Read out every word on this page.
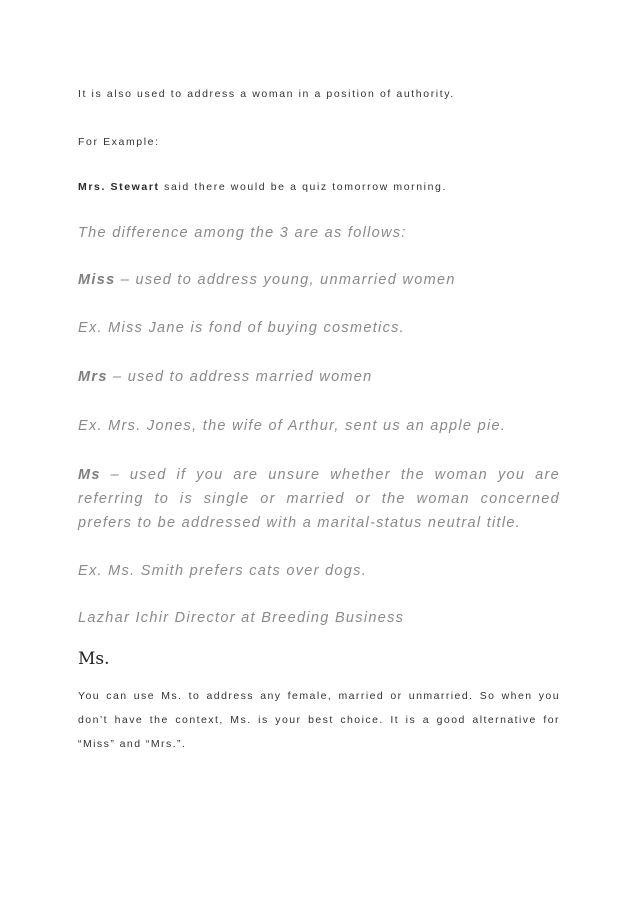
It is also used to address a woman in a position of authority.
For Example:
Mrs. Stewart said there would be a quiz tomorrow morning.
The difference among the 3 are as follows:
Miss – used to address young, unmarried women
Ex. Miss Jane is fond of buying cosmetics.
Mrs – used to address married women
Ex. Mrs. Jones, the wife of Arthur, sent us an apple pie.
Ms – used if you are unsure whether the woman you are referring to is single or married or the woman concerned prefers to be addressed with a marital-status neutral title.
Ex. Ms. Smith prefers cats over dogs.
Lazhar Ichir Director at Breeding Business
Ms.
You can use Ms. to address any female, married or unmarried. So when you don’t have the context, Ms. is your best choice. It is a good alternative for “Miss” and “Mrs.”.
